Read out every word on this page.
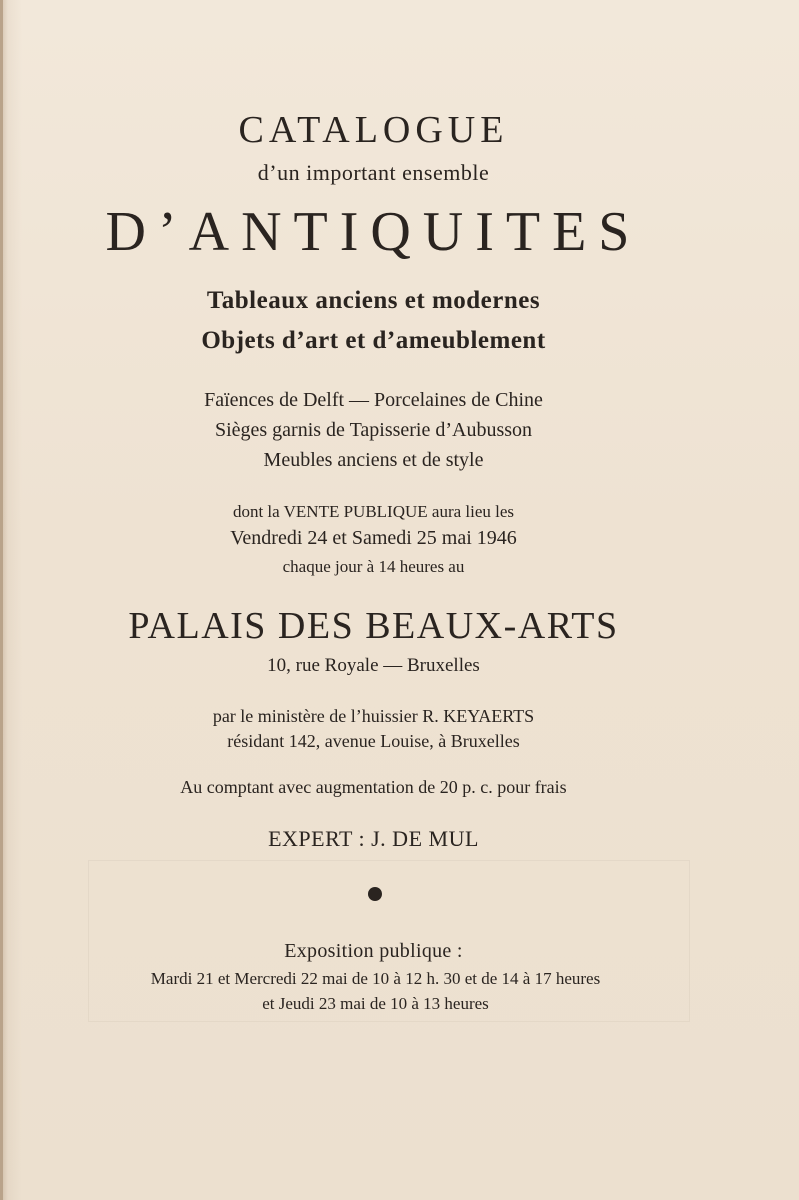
CATALOGUE
d’un important ensemble
D’ANTIQUITES
Tableaux anciens et modernes
Objets d’art et d’ameublement
Faïences de Delft — Porcelaines de Chine
Sièges garnis de Tapisserie d’Aubusson
Meubles anciens et de style
dont la VENTE PUBLIQUE aura lieu les
Vendredi 24 et Samedi 25 mai 1946
chaque jour à 14 heures au
PALAIS DES BEAUX-ARTS
10, rue Royale — Bruxelles
par le ministère de l’huissier R. KEYAERTS
résidant 142, avenue Louise, à Bruxelles
Au comptant avec augmentation de 20 p. c. pour frais
EXPERT : J. DE MUL
Exposition publique :
Mardi 21 et Mercredi 22 mai de 10 à 12 h. 30 et de 14 à 17 heures
et Jeudi 23 mai de 10 à 13 heures
